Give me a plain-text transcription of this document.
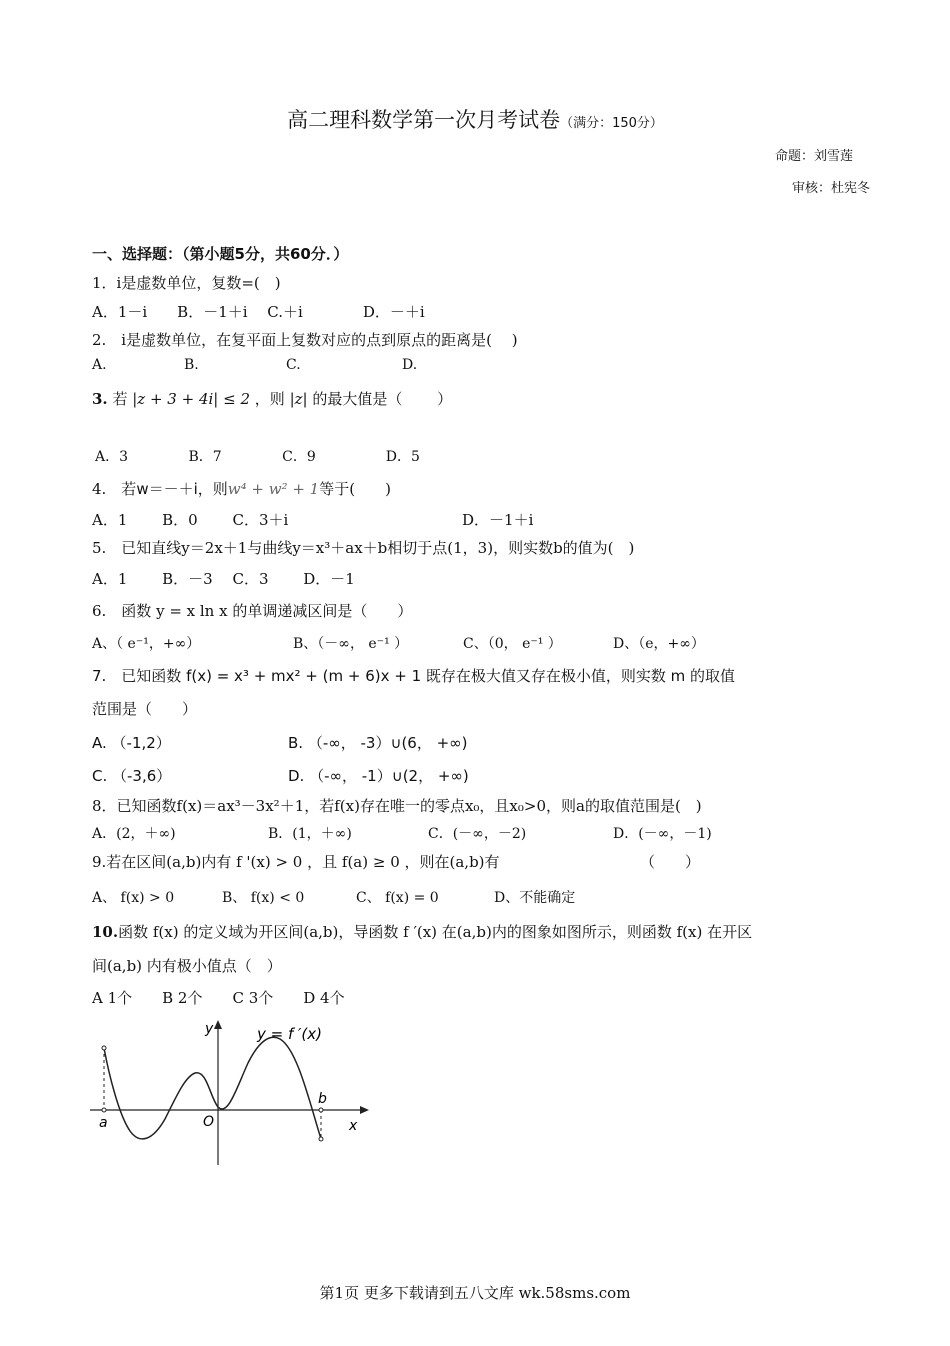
高二理科数学第一次月考试卷（满分：150分）
命题：刘雪莲
审核：杜宪冬
一、选择题：（第小题5分，共60分．）
1．i是虚数单位，复数=(　)
A．1－i　　B．－1＋i　 C.＋i　　　　D．－＋i
2.　i是虚数单位，在复平面上复数对应的点到原点的距离是(　 )
A.	B.	C.	D.
3. 若 |z + 3 + 4i| ≤ 2 ，则 |z| 的最大值是（　　 ）
A．3　　　　 B．7　　　　 C．9　　　　　D．5
4.　若w＝－＋i，则w⁴ + w² + 1等于(　　)
A．1　　 B．0　　 C．3＋i	D．－1＋i
5.　已知直线y＝2x＋1与曲线y＝x³＋ax＋b相切于点(1，3)，则实数b的值为(　)
A．1　　 B．－3　 C．3　　 D．－1
6.　函数 y = x ln x 的单调递减区间是（　　）
A、（ e⁻¹，+∞）	B、（－∞， e⁻¹ ）	C、（0， e⁻¹ ）	D、（e，+∞）
7.　已知函数 f(x) = x³ + mx² + (m + 6)x + 1 既存在极大值又存在极小值，则实数 m 的取值
范围是（　　）
A. （-1,2）	B. （-∞， -3）∪(6， +∞)
C. （-3,6）	D. （-∞， -1）∪(2， +∞)
8．已知函数f(x)＝ax³－3x²＋1，若f(x)存在唯一的零点x₀，且x₀>0，则a的取值范围是(　)
A．(2，＋∞)	B．(1，＋∞)	C．(－∞，－2)	D．(－∞，－1)
9.若在区间(a,b)内有 f '(x) > 0 ，且 f(a) ≥ 0 ，则在(a,b)有	（　　）
A、 f(x) > 0	B、 f(x) < 0	C、 f(x) = 0	D、不能确定
10.函数 f(x) 的定义域为开区间(a,b)，导函数 f ′(x) 在(a,b)内的图象如图所示，则函数 f(x) 在开区
间(a,b) 内有极小值点（　）
A 1个　　B 2个　　C 3个　　D 4个
y
x
y = f ′(x)
a
b
O
第1页 更多下载请到五八文库 wk.58sms.com
